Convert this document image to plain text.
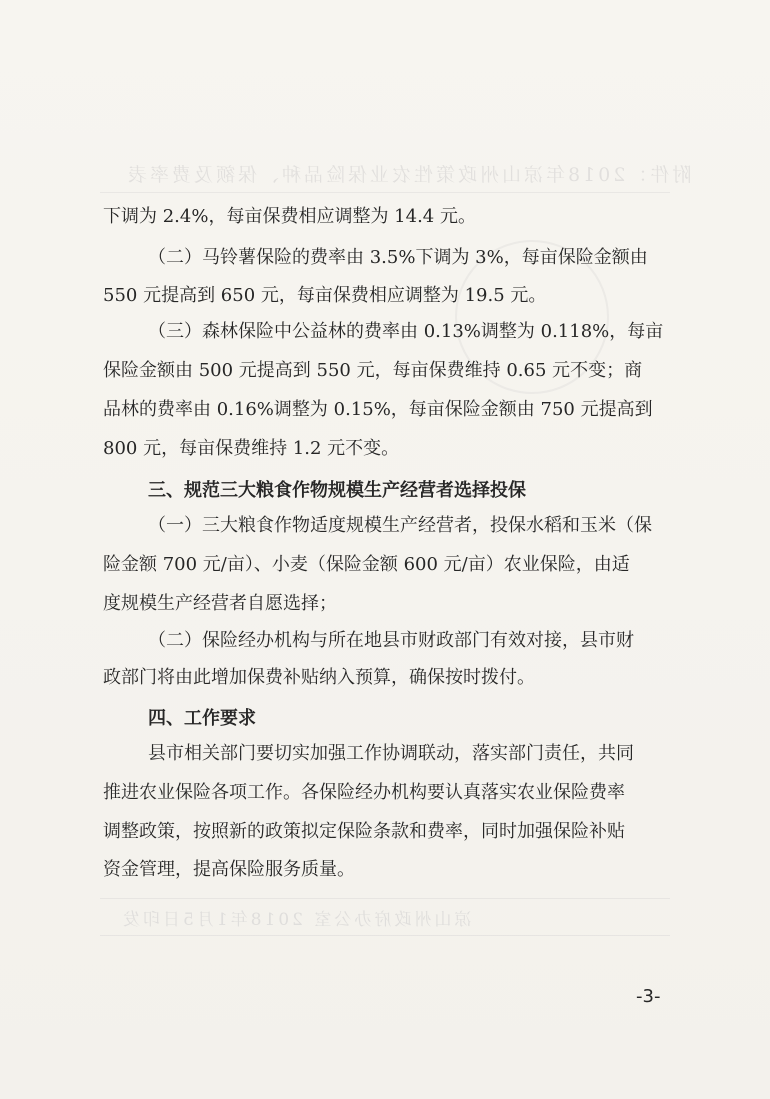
附件：2018年凉山州政策性农业保险品种、保额及费率表
凉山州政府办公室 2018年1月5日印发
下调为 2.4%，每亩保费相应调整为 14.4 元。
（二）马铃薯保险的费率由 3.5%下调为 3%，每亩保险金额由
550 元提高到 650 元，每亩保费相应调整为 19.5 元。
（三）森林保险中公益林的费率由 0.13%调整为 0.118%，每亩
保险金额由 500 元提高到 550 元，每亩保费维持 0.65 元不变；商
品林的费率由 0.16%调整为 0.15%，每亩保险金额由 750 元提高到
800 元，每亩保费维持 1.2 元不变。
三、规范三大粮食作物规模生产经营者选择投保
（一）三大粮食作物适度规模生产经营者，投保水稻和玉米（保
险金额 700 元/亩）、小麦（保险金额 600 元/亩）农业保险，由适
度规模生产经营者自愿选择；
（二）保险经办机构与所在地县市财政部门有效对接，县市财
政部门将由此增加保费补贴纳入预算，确保按时拨付。
四、工作要求
县市相关部门要切实加强工作协调联动，落实部门责任，共同
推进农业保险各项工作。各保险经办机构要认真落实农业保险费率
调整政策，按照新的政策拟定保险条款和费率，同时加强保险补贴
资金管理，提高保险服务质量。
-3-
